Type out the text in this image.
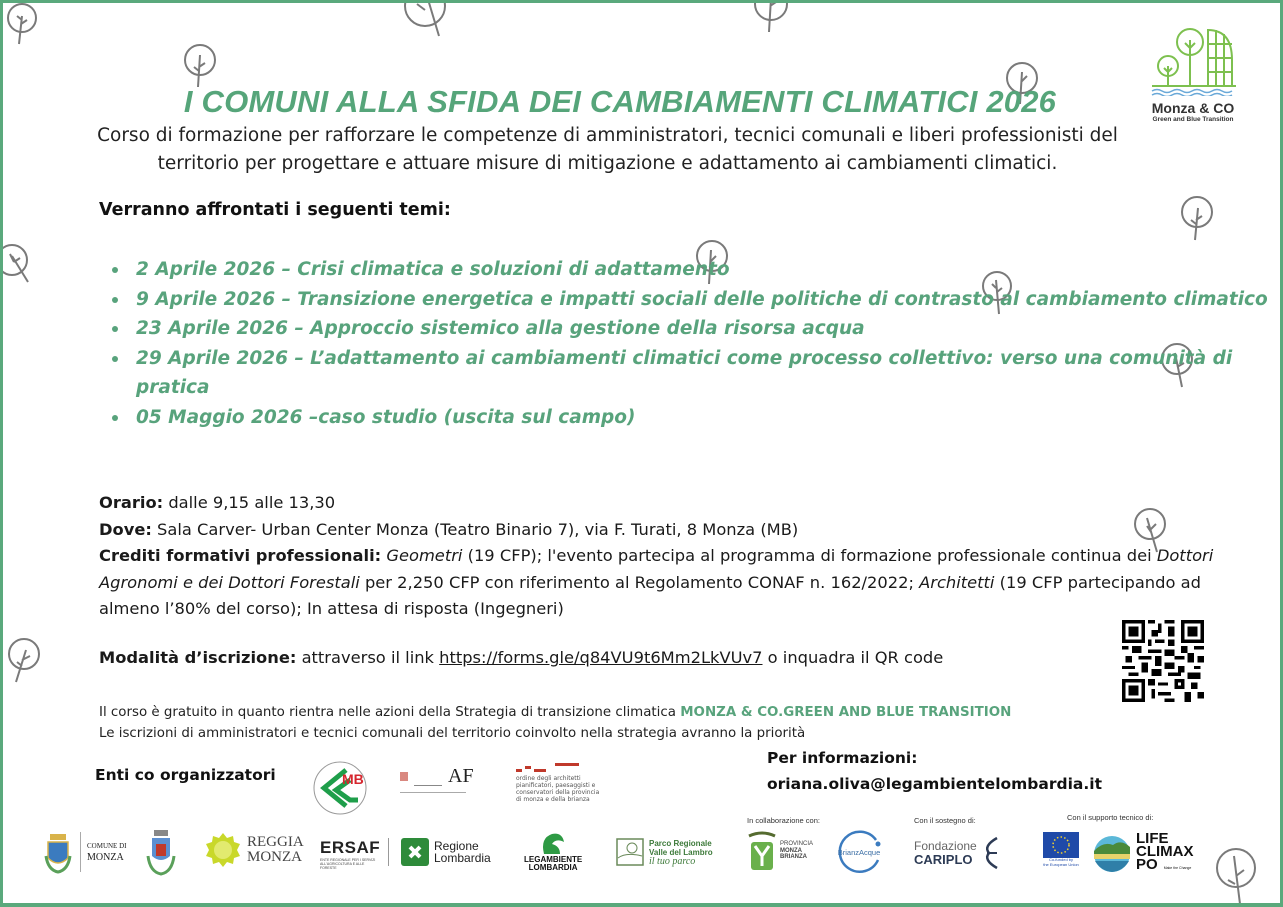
Monza & CO
Green and Blue Transition
I COMUNI ALLA SFIDA DEI CAMBIAMENTI CLIMATICI 2026
Corso di formazione per rafforzare le competenze di amministratori, tecnici comunali e liberi professionisti del
territorio per progettare e attuare misure di mitigazione e adattamento ai cambiamenti climatici.
Verranno affrontati i seguenti temi:
2 Aprile 2026 – Crisi climatica e soluzioni di adattamento
9 Aprile 2026 – Transizione energetica e impatti sociali delle politiche di contrasto al cambiamento climatico
23 Aprile 2026 – Approccio sistemico alla gestione della risorsa acqua
29 Aprile 2026 – L’adattamento ai cambiamenti climatici come processo collettivo: verso una comunità di pratica
05 Maggio 2026 –caso studio (uscita sul campo)

Orario: dalle 9,15 alle 13,30

Dove: Sala Carver- Urban Center Monza (Teatro Binario 7), via F. Turati, 8 Monza (MB)

Crediti formativi professionali: Geometri (19 CFP); l'evento partecipa al programma di formazione professionale continua dei Dottori Agronomi e dei Dottori Forestali per 2,250 CFP con riferimento al Regolamento CONAF n. 162/2022; Architetti (19 CFP partecipando ad almeno l’80% del corso); In attesa di risposta (Ingegneri)

Modalità d’iscrizione: attraverso il link https://forms.gle/q84VU9t6Mm2LkVUv7 o inquadra il QR code

Il corso è gratuito in quanto rientra nelle azioni della Strategia di transizione climatica MONZA & CO.GREEN AND BLUE TRANSITION

Le iscrizioni di amministratori e tecnici comunali del territorio coinvolto nella strategia avranno la priorità

Per informazioni:
oriana.oliva@legambientelombardia.it
Enti co organizzatori	MB	AF	ordine degli architetti pianificatori, paesaggisti e conservatori della provincia di monza e della brianza
In collaborazione con:	Con il sostegno di:	Con il supporto tecnico di:
COMUNE DI
MONZA
REGGIA
MONZA ERSAF
ENTE REGIONALE PER I SERVIZI ALL'AGRICOLTURA E ALLE FORESTE
Regione
Lombardia	LEGAMBIENTE
LOMBARDIA
Parco Regionale
Valle del Lambro
il tuo parco
PROVINCIA
MONZA
BRIANZA
BrianzAcque	Fondazione
CARIPLO	Co-funded by
the European Union
LIFE
CLIMAX
PO Make the Change
